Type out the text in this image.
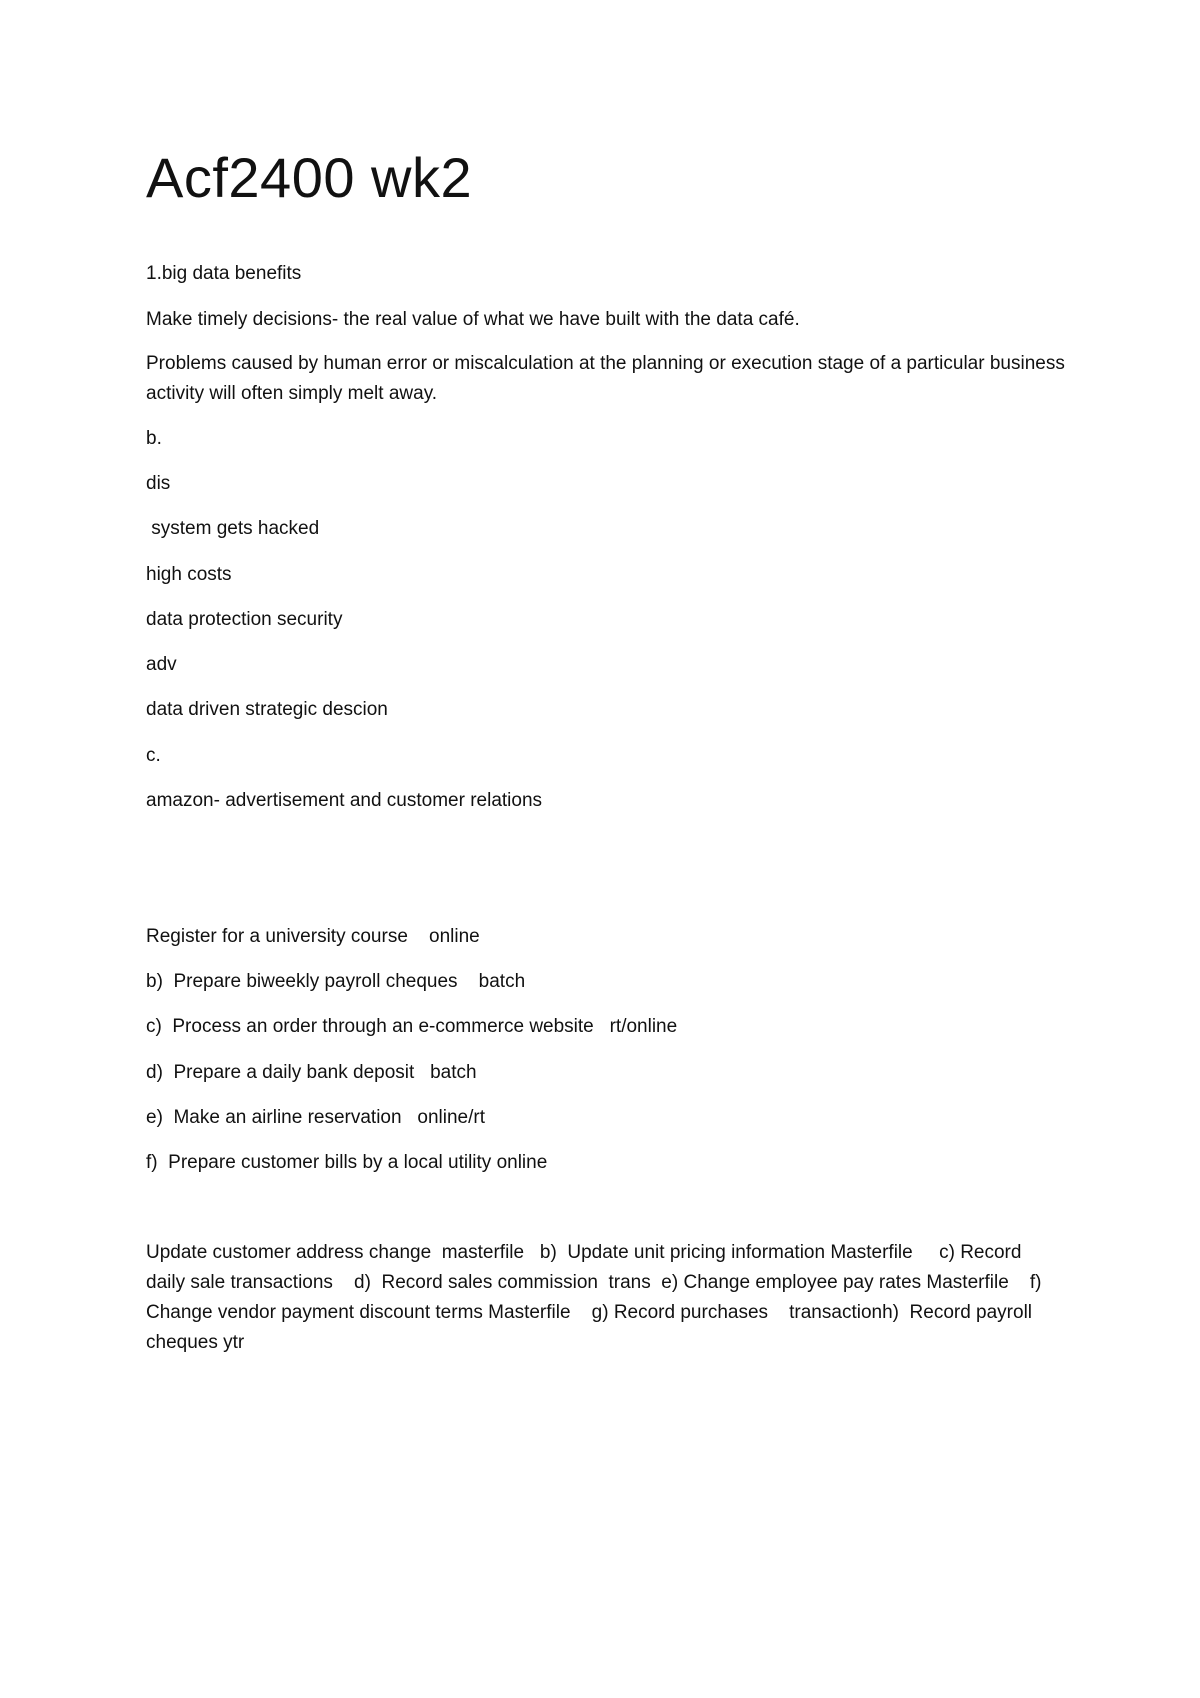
Acf2400 wk2
1.big data benefits
Make timely decisions- the real value of what we have built with the data café.
Problems caused by human error or miscalculation at the planning or execution stage of a particular business activity will often simply melt away.
b.
dis
system gets hacked
high costs
data protection security
adv
data driven strategic descion
c.
amazon- advertisement and customer relations
Register for a university course    online
b)  Prepare biweekly payroll cheques    batch
c)  Process an order through an e-commerce website   rt/online
d)  Prepare a daily bank deposit   batch
e)  Make an airline reservation   online/rt
f)  Prepare customer bills by a local utility online
Update customer address change  masterfile   b)  Update unit pricing information Masterfile     c) Record daily sale transactions    d)  Record sales commission  trans  e) Change employee pay rates Masterfile    f)  Change vendor payment discount terms Masterfile    g) Record purchases    transactionh)  Record payroll cheques ytr
